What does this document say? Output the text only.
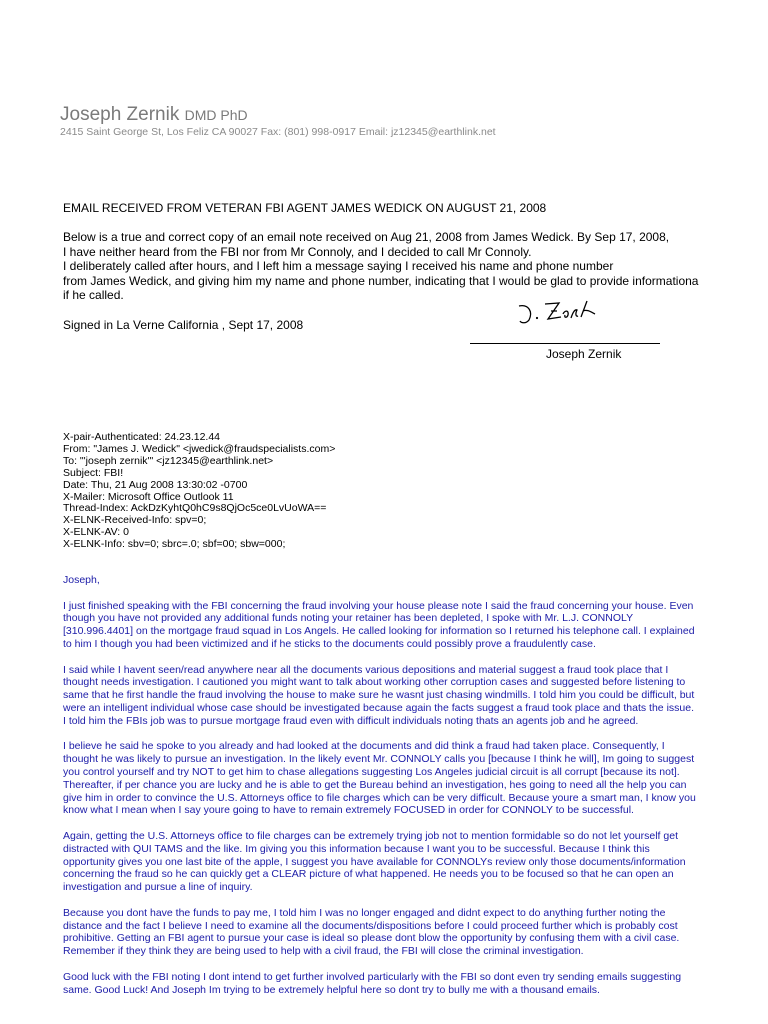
Joseph Zernik DMD PhD
2415 Saint George St, Los Feliz CA 90027 Fax: (801) 998-0917 Email: jz12345@earthlink.net
EMAIL RECEIVED FROM VETERAN FBI AGENT JAMES WEDICK ON AUGUST 21, 2008
Below is a true and correct copy of an email note received on Aug 21, 2008 from James Wedick. By Sep 17, 2008,
I have neither heard from the FBI nor from Mr Connoly, and I decided to call Mr Connoly.
I deliberately called after hours, and I left him a message saying I received his name and phone number
from James Wedick, and giving him my name and phone number, indicating that I would be glad to provide informationa
if he called.
Signed in La Verne California , Sept 17, 2008
Joseph Zernik
X-pair-Authenticated: 24.23.12.44
From: "James J. Wedick" <jwedick@fraudspecialists.com>
To: "'joseph zernik'" <jz12345@earthlink.net>
Subject: FBI!
Date: Thu, 21 Aug 2008 13:30:02 -0700
X-Mailer: Microsoft Office Outlook 11
Thread-Index: AckDzKyhtQ0hC9s8QjOc5ce0LvUoWA==
X-ELNK-Received-Info: spv=0;
X-ELNK-AV: 0
X-ELNK-Info: sbv=0; sbrc=.0; sbf=00; sbw=000;
Joseph,
I just finished speaking with the FBI concerning the fraud involving your house please note I said the fraud concerning your house. Even
though you have not provided any additional funds noting your retainer has been depleted, I spoke with Mr. L.J. CONNOLY
[310.996.4401] on the mortgage fraud squad in Los Angels. He called looking for information so I returned his telephone call. I explained
to him I though you had been victimized and if he sticks to the documents could possibly prove a fraudulently case.
I said while I havent seen/read anywhere near all the documents various depositions and material suggest a fraud took place that I
thought needs investigation. I cautioned you might want to talk about working other corruption cases and suggested before listening to
same that he first handle the fraud involving the house to make sure he wasnt just chasing windmills. I told him you could be difficult, but
were an intelligent individual whose case should be investigated because again the facts suggest a fraud took place and thats the issue.
I told him the FBIs job was to pursue mortgage fraud even with difficult individuals noting thats an agents job and he agreed.
I believe he said he spoke to you already and had looked at the documents and did think a fraud had taken place. Consequently, I
thought he was likely to pursue an investigation. In the likely event Mr. CONNOLY calls you [because I think he will], Im going to suggest
you control yourself and try NOT to get him to chase allegations suggesting Los Angeles judicial circuit is all corrupt [because its not].
Thereafter, if per chance you are lucky and he is able to get the Bureau behind an investigation, hes going to need all the help you can
give him in order to convince the U.S. Attorneys office to file charges which can be very difficult. Because youre a smart man, I know you
know what I mean when I say youre going to have to remain extremely FOCUSED in order for CONNOLY to be successful.
Again, getting the U.S. Attorneys office to file charges can be extremely trying job not to mention formidable so do not let yourself get
distracted with QUI TAMS and the like. Im giving you this information because I want you to be successful. Because I think this
opportunity gives you one last bite of the apple, I suggest you have available for CONNOLYs review only those documents/information
concerning the fraud so he can quickly get a CLEAR picture of what happened. He needs you to be focused so that he can open an
investigation and pursue a line of inquiry.
Because you dont have the funds to pay me, I told him I was no longer engaged and didnt expect to do anything further noting the
distance and the fact I believe I need to examine all the documents/dispositions before I could proceed further which is probably cost
prohibitive. Getting an FBI agent to pursue your case is ideal so please dont blow the opportunity by confusing them with a civil case.
Remember if they think they are being used to help with a civil fraud, the FBI will close the criminal investigation.
Good luck with the FBI noting I dont intend to get further involved particularly with the FBI so dont even try sending emails suggesting
same. Good Luck! And Joseph Im trying to be extremely helpful here so dont try to bully me with a thousand emails.
